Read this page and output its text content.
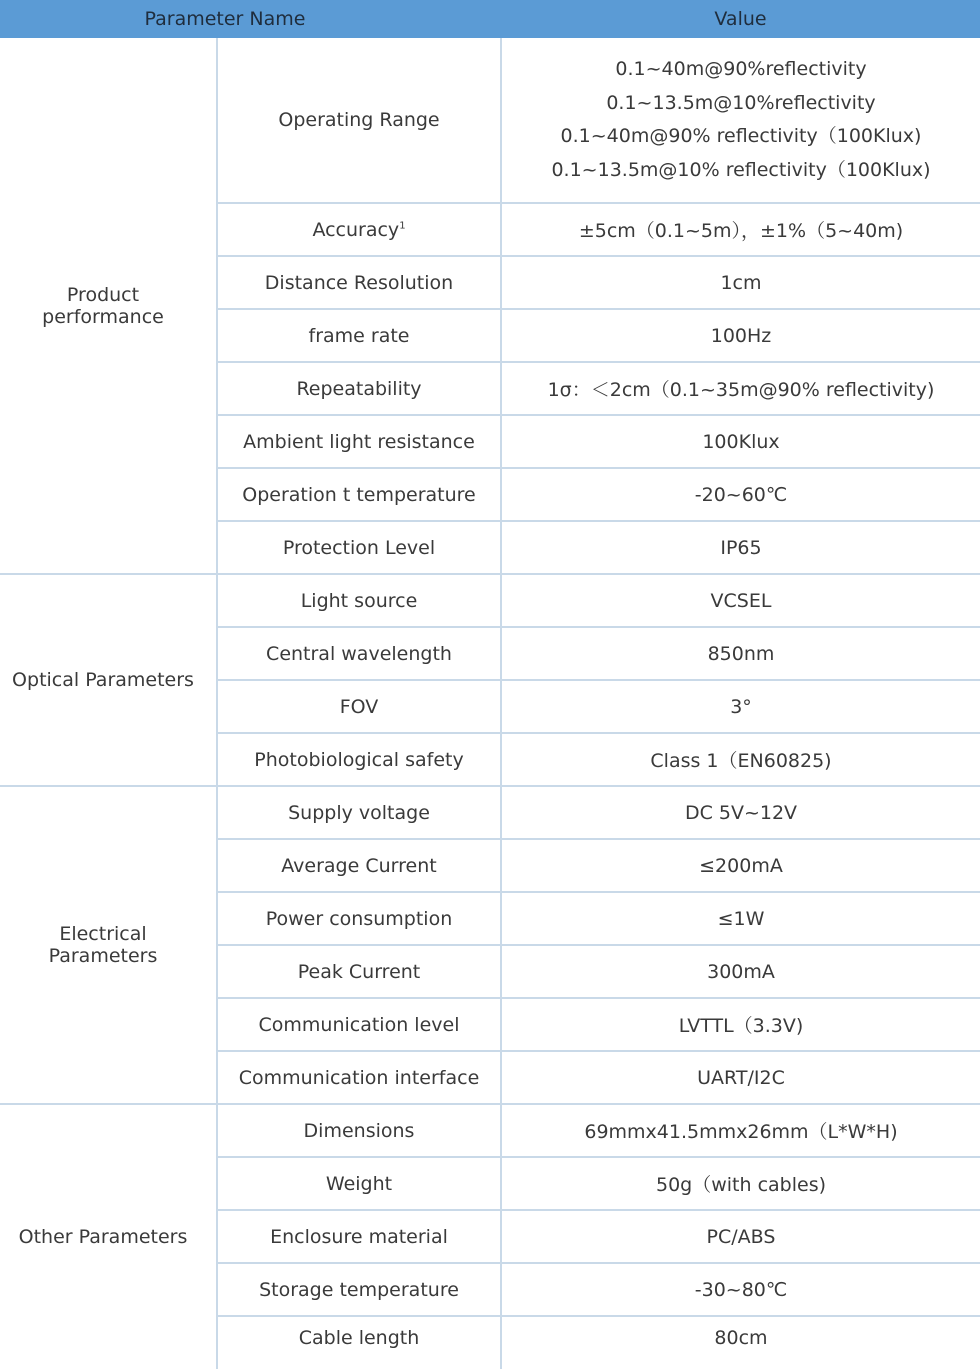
Parameter Name		Value

Product performance	Operating Range	0.1~40m@90%reflectivity
0.1~13.5m@10%reflectivity
0.1~40m@90% reflectivity（100Klux)
0.1~13.5m@10% reflectivity（100Klux)

	Accuracy$^1$	±5cm（0.1~5m），±1%（5~40m)
	Distance Resolution	1cm
	frame rate	100Hz
	Repeatability	1σ：＜2cm（0.1~35m@90% reflectivity)
	Ambient light resistance	100Klux
	Operation t temperature	-20~60℃
	Protection Level	IP65

Optical Parameters	Light source	VCSEL
	Central wavelength	850nm
	FOV	3°
	Photobiological safety	Class 1（EN60825)

Electrical Parameters	Supply voltage	DC 5V~12V
	Average Current	≤200mA
	Power consumption	≤1W
	Peak Current	300mA
	Communication level	LVTTL（3.3V)
	Communication interface	UART/I2C

Other Parameters	Dimensions	69mmx41.5mmx26mm（L*W*H)
	Weight	50g（with cables)
	Enclosure material	PC/ABS
	Storage temperature	-30~80℃
	Cable length	80cm
